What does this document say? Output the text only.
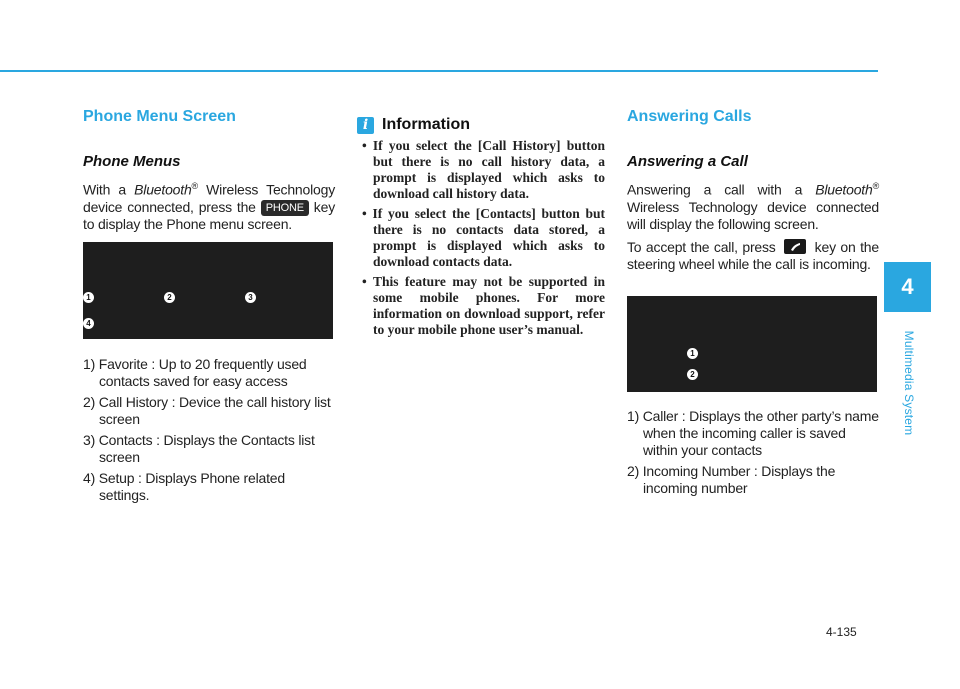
Phone Menu Screen
Phone Menus

With a Bluetooth® Wireless Technology device connected, press the PHONE key to display the Phone menu screen.

1	2	3
4
1) Favorite : Up to 20 frequently used contacts saved for easy access
2) Call History : Device the call history list screen
3) Contacts : Displays the Contacts list screen
4) Setup : Displays Phone related settings.
i Information
• If you select the [Call History] button but there is no call history data, a prompt is displayed which asks to download call history data.
• If you select the [Contacts] button but there is no contacts data stored, a prompt is displayed which asks to download contacts data.
• This feature may not be supported in some mobile phones. For more information on download support, refer to your mobile phone user’s manual.
Answering Calls
Answering a Call

Answering a call with a Bluetooth® Wireless Technology device connected will display the following screen.

To accept the call, press  key on the steering wheel while the call is incoming.

1
2
1) Caller : Displays the other party’s name when the incoming caller is saved within your contacts
2) Incoming Number : Displays the incoming number
4
Multimedia System
4-135
